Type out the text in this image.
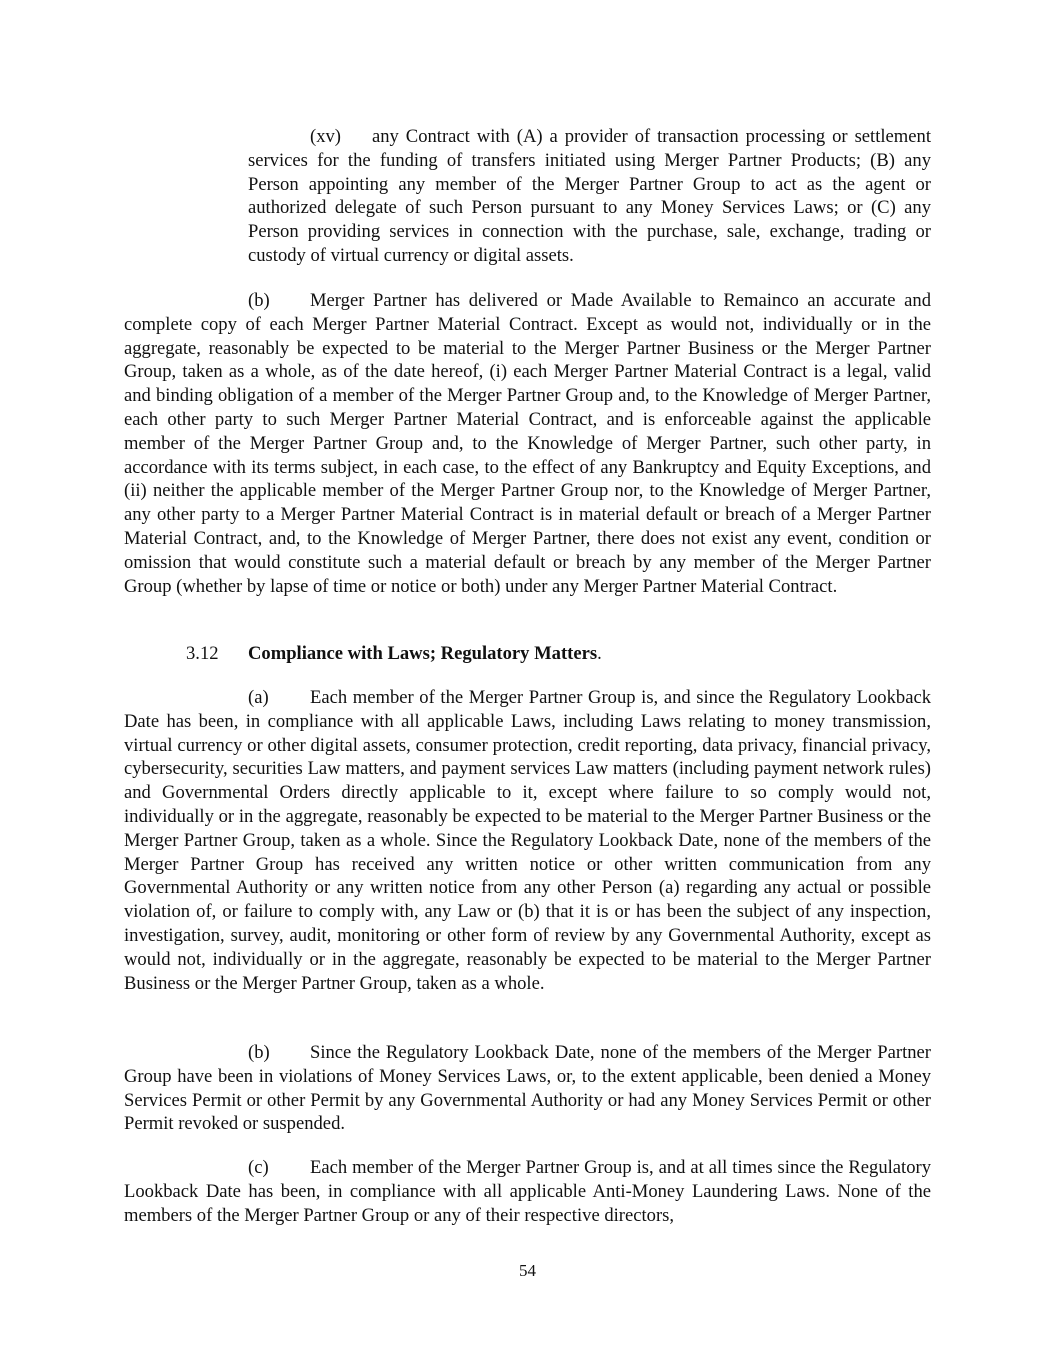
(xv) any Contract with (A) a provider of transaction processing or settlement services for the funding of transfers initiated using Merger Partner Products; (B) any Person appointing any member of the Merger Partner Group to act as the agent or authorized delegate of such Person pursuant to any Money Services Laws; or (C) any Person providing services in connection with the purchase, sale, exchange, trading or custody of virtual currency or digital assets.

(b) Merger Partner has delivered or Made Available to Remainco an accurate and complete copy of each Merger Partner Material Contract. Except as would not, individually or in the aggregate, reasonably be expected to be material to the Merger Partner Business or the Merger Partner Group, taken as a whole, as of the date hereof, (i) each Merger Partner Material Contract is a legal, valid and binding obligation of a member of the Merger Partner Group and, to the Knowledge of Merger Partner, each other party to such Merger Partner Material Contract, and is enforceable against the applicable member of the Merger Partner Group and, to the Knowledge of Merger Partner, such other party, in accordance with its terms subject, in each case, to the effect of any Bankruptcy and Equity Exceptions, and (ii) neither the applicable member of the Merger Partner Group nor, to the Knowledge of Merger Partner, any other party to a Merger Partner Material Contract is in material default or breach of a Merger Partner Material Contract, and, to the Knowledge of Merger Partner, there does not exist any event, condition or omission that would constitute such a material default or breach by any member of the Merger Partner Group (whether by lapse of time or notice or both) under any Merger Partner Material Contract.

3.12 Compliance with Laws; Regulatory Matters.

(a) Each member of the Merger Partner Group is, and since the Regulatory Lookback Date has been, in compliance with all applicable Laws, including Laws relating to money transmission, virtual currency or other digital assets, consumer protection, credit reporting, data privacy, financial privacy, cybersecurity, securities Law matters, and payment services Law matters (including payment network rules) and Governmental Orders directly applicable to it, except where failure to so comply would not, individually or in the aggregate, reasonably be expected to be material to the Merger Partner Business or the Merger Partner Group, taken as a whole. Since the Regulatory Lookback Date, none of the members of the Merger Partner Group has received any written notice or other written communication from any Governmental Authority or any written notice from any other Person (a) regarding any actual or possible violation of, or failure to comply with, any Law or (b) that it is or has been the subject of any inspection, investigation, survey, audit, monitoring or other form of review by any Governmental Authority, except as would not, individually or in the aggregate, reasonably be expected to be material to the Merger Partner Business or the Merger Partner Group, taken as a whole.

(b) Since the Regulatory Lookback Date, none of the members of the Merger Partner Group have been in violations of Money Services Laws, or, to the extent applicable, been denied a Money Services Permit or other Permit by any Governmental Authority or had any Money Services Permit or other Permit revoked or suspended.

(c) Each member of the Merger Partner Group is, and at all times since the Regulatory Lookback Date has been, in compliance with all applicable Anti-Money Laundering Laws. None of the members of the Merger Partner Group or any of their respective directors,

54
